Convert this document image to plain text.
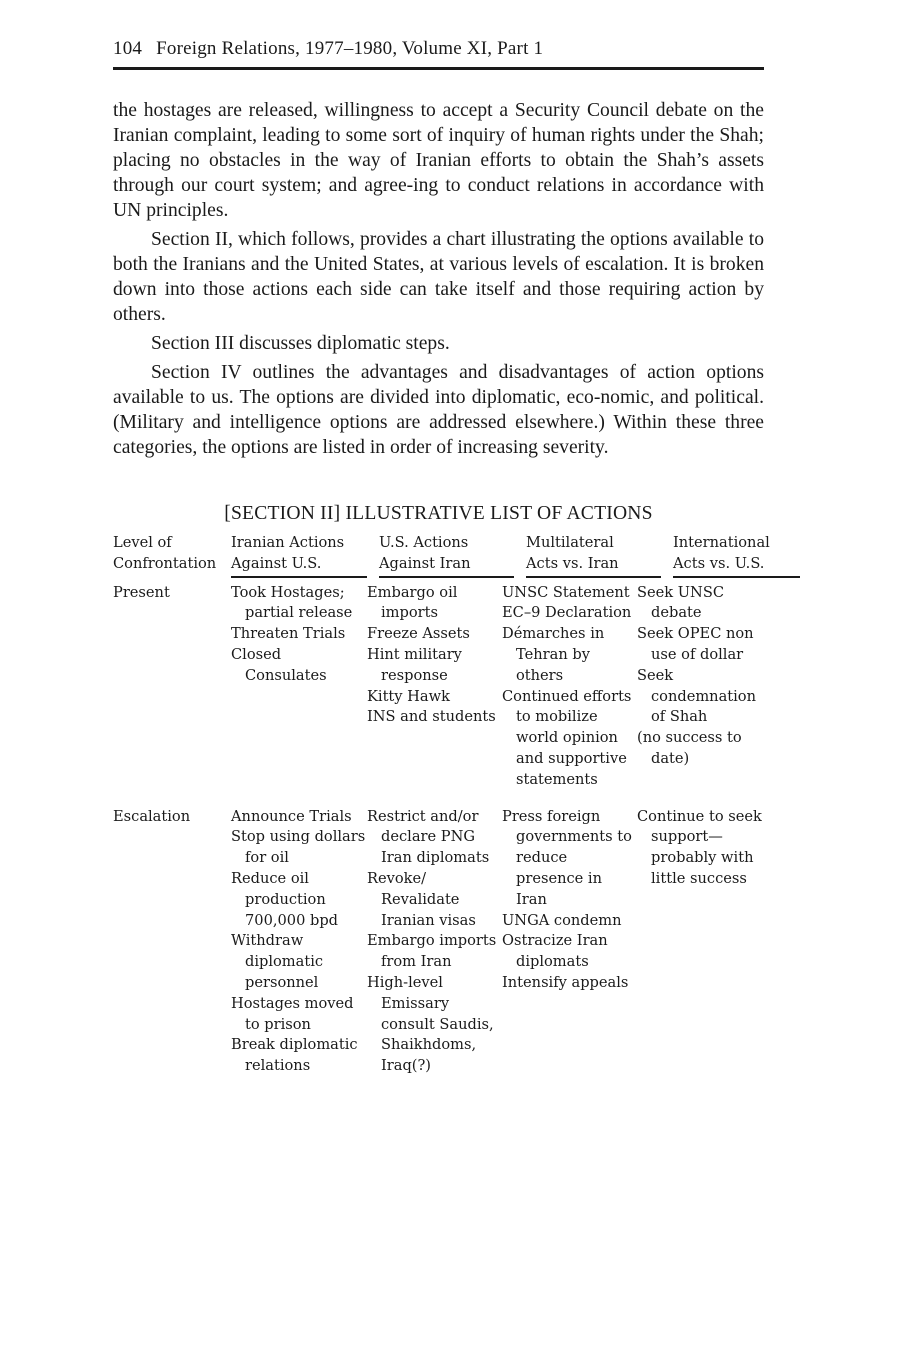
104 Foreign Relations, 1977–1980, Volume XI, Part 1

the hostages are released, willingness to accept a Security Council debate on the Iranian complaint, leading to some sort of inquiry of human rights under the Shah; placing no obstacles in the way of Iranian efforts to obtain the Shah’s assets through our court system; and agree-ing to conduct relations in accordance with UN principles.

Section II, which follows, provides a chart illustrating the options available to both the Iranians and the United States, at various levels of escalation. It is broken down into those actions each side can take itself and those requiring action by others.

Section III discusses diplomatic steps.

Section IV outlines the advantages and disadvantages of action options available to us. The options are divided into diplomatic, eco-nomic, and political. (Military and intelligence options are addressed elsewhere.) Within these three categories, the options are listed in order of increasing severity.

[SECTION II] ILLUSTRATIVE LIST OF ACTIONS
Level of
Confrontation
Iranian Actions
Against U.S.
U.S. Actions
Against Iran
Multilateral
Acts vs. Iran
International
Acts vs. U.S.
Present	Took Hostages; partial release
Threaten Trials
Closed Consulates
Embargo oil imports
Freeze Assets
Hint military response
Kitty Hawk
INS and students
UNSC Statement
EC–9 Declaration
Démarches in Tehran by others
Continued efforts to mobilize world opinion and supportive statements
Seek UNSC debate
Seek OPEC non use of dollar
Seek condemnation of Shah
(no success to date)
Escalation	Announce Trials
Stop using dollars for oil
Reduce oil production 700,000 bpd
Withdraw diplomatic personnel
Hostages moved to prison
Break diplomatic relations
Restrict and/or declare PNG Iran diplomats
Revoke/ Revalidate Iranian visas
Embargo imports from Iran
High-level Emissary consult Saudis, Shaikhdoms, Iraq(?)
Press foreign governments to reduce presence in Iran
UNGA condemn
Ostracize Iran diplomats
Intensify appeals
Continue to seek support— probably with little success
